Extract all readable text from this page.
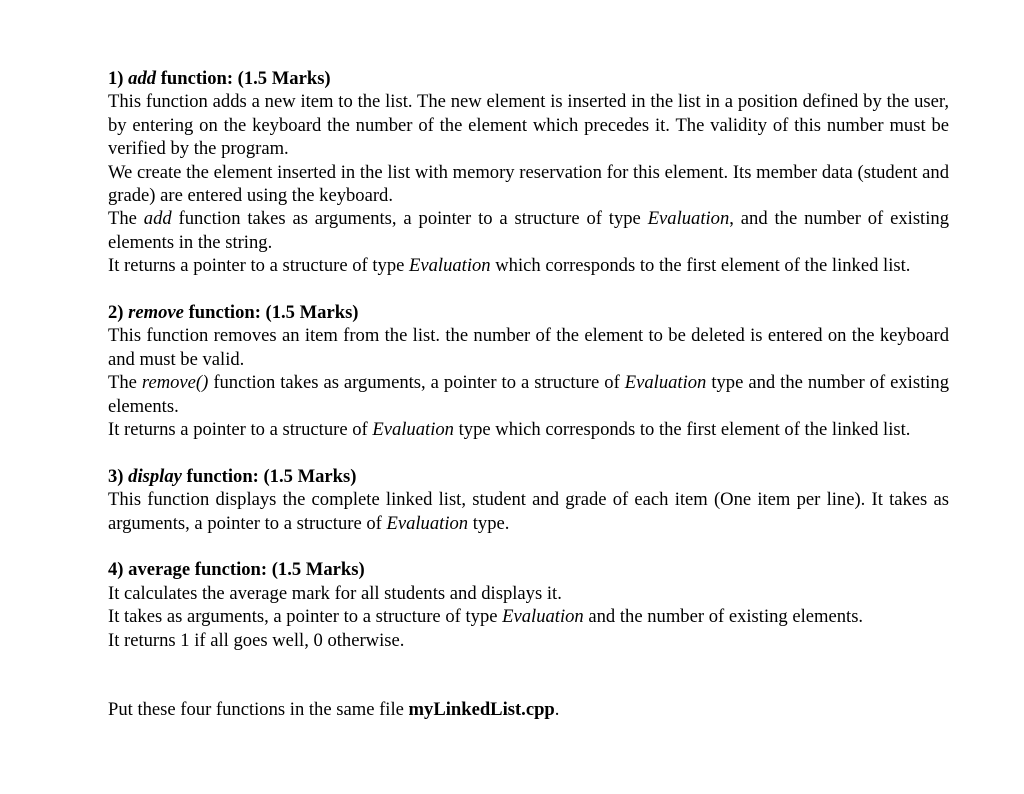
1) add function: (1.5 Marks)
This function adds a new item to the list. The new element is inserted in the list in a position defined by the user, by entering on the keyboard the number of the element which precedes it. The validity of this number must be verified by the program.
We create the element inserted in the list with memory reservation for this element. Its member data (student and grade) are entered using the keyboard.
The add function takes as arguments, a pointer to a structure of type Evaluation, and the number of existing elements in the string.
It returns a pointer to a structure of type Evaluation which corresponds to the first element of the linked list.
2) remove function: (1.5 Marks)
This function removes an item from the list. the number of the element to be deleted is entered on the keyboard and must be valid.
The remove() function takes as arguments, a pointer to a structure of Evaluation type and the number of existing elements.
It returns a pointer to a structure of Evaluation type which corresponds to the first element of the linked list.
3) display function: (1.5 Marks)
This function displays the complete linked list, student and grade of each item (One item per line). It takes as arguments, a pointer to a structure of Evaluation type.
4) average function: (1.5 Marks)
It calculates the average mark for all students and displays it.
It takes as arguments, a pointer to a structure of type Evaluation and the number of existing elements.
It returns 1 if all goes well, 0 otherwise.
Put these four functions in the same file myLinkedList.cpp.
